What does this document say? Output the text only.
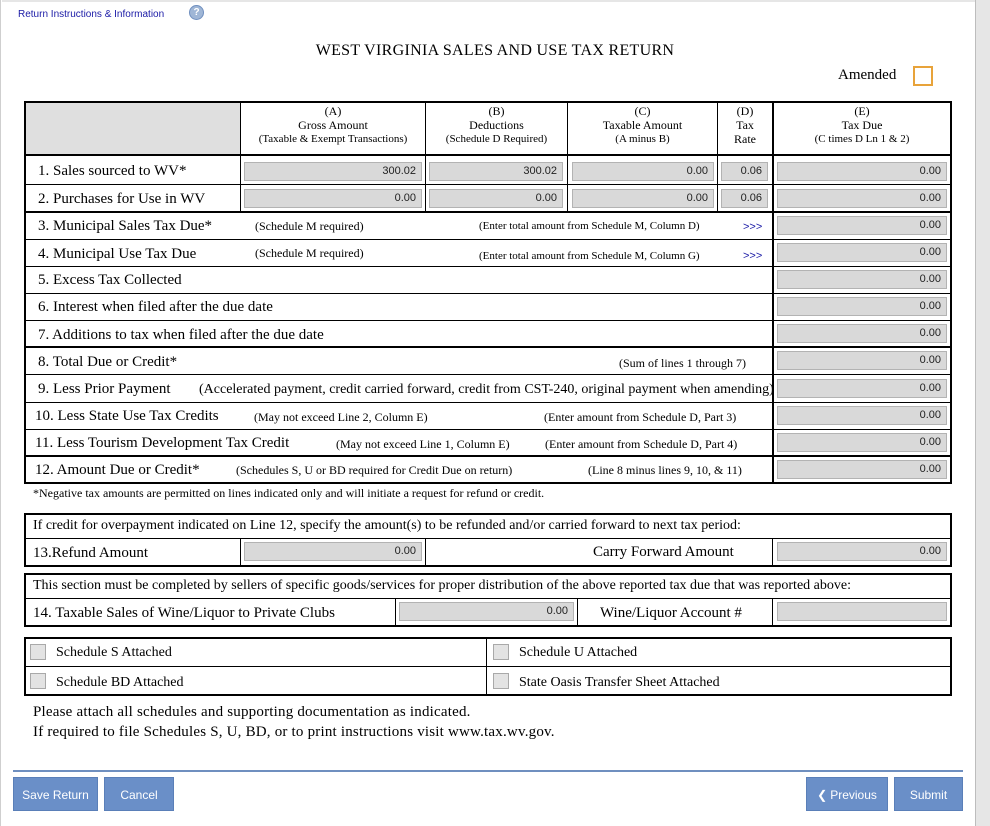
Return Instructions & Information	?
WEST VIRGINIA SALES AND USE TAX RETURN
Amended
(A)
Gross Amount
(Taxable & Exempt Transactions)
(B)
Deductions
(Schedule D Required)
(C)
Taxable Amount
(A minus B)
(D)
Tax
Rate
(E)
Tax Due
(C times D Ln 1 & 2)
1. Sales sourced to WV*	300.02	300.02	0.00	0.06	0.00
2. Purchases for Use in WV	0.00	0.00	0.00	0.06	0.00
3. Municipal Sales Tax Due*	(Schedule M required)	(Enter total amount from Schedule M, Column D)	>>>	0.00
4. Municipal Use Tax Due	(Schedule M required)	(Enter total amount from Schedule M, Column G)	>>>	0.00
5. Excess Tax Collected	0.00
6. Interest when filed after the due date	0.00
7. Additions to tax when filed after the due date	0.00
8. Total Due or Credit*	(Sum of lines 1 through 7)	0.00
9. Less Prior Payment (Accelerated payment, credit carried forward, credit from CST-240, original payment when amending)	0.00
10. Less State Use Tax Credits	(May not exceed Line 2, Column E)	(Enter amount from Schedule D, Part 3)	0.00
11. Less Tourism Development Tax Credit	(May not exceed Line 1, Column E)	(Enter amount from Schedule D, Part 4)	0.00
12. Amount Due or Credit*	(Schedules S, U or BD required for Credit Due on return)	(Line 8 minus lines 9, 10, & 11)	0.00
*Negative tax amounts are permitted on lines indicated only and will initiate a request for refund or credit.
If credit for overpayment indicated on Line 12, specify the amount(s) to be refunded and/or carried forward to next tax period:
13.Refund Amount	0.00	Carry Forward Amount	0.00
This section must be completed by sellers of specific goods/services for proper distribution of the above reported tax due that was reported above:
14. Taxable Sales of Wine/Liquor to Private Clubs	0.00	Wine/Liquor Account #
Schedule S Attached	Schedule U Attached
Schedule BD Attached	State Oasis Transfer Sheet Attached
Please attach all schedules and supporting documentation as indicated.
If required to file Schedules S, U, BD, or to print instructions visit www.tax.wv.gov.
Save Return	Cancel	❮ Previous	Submit
